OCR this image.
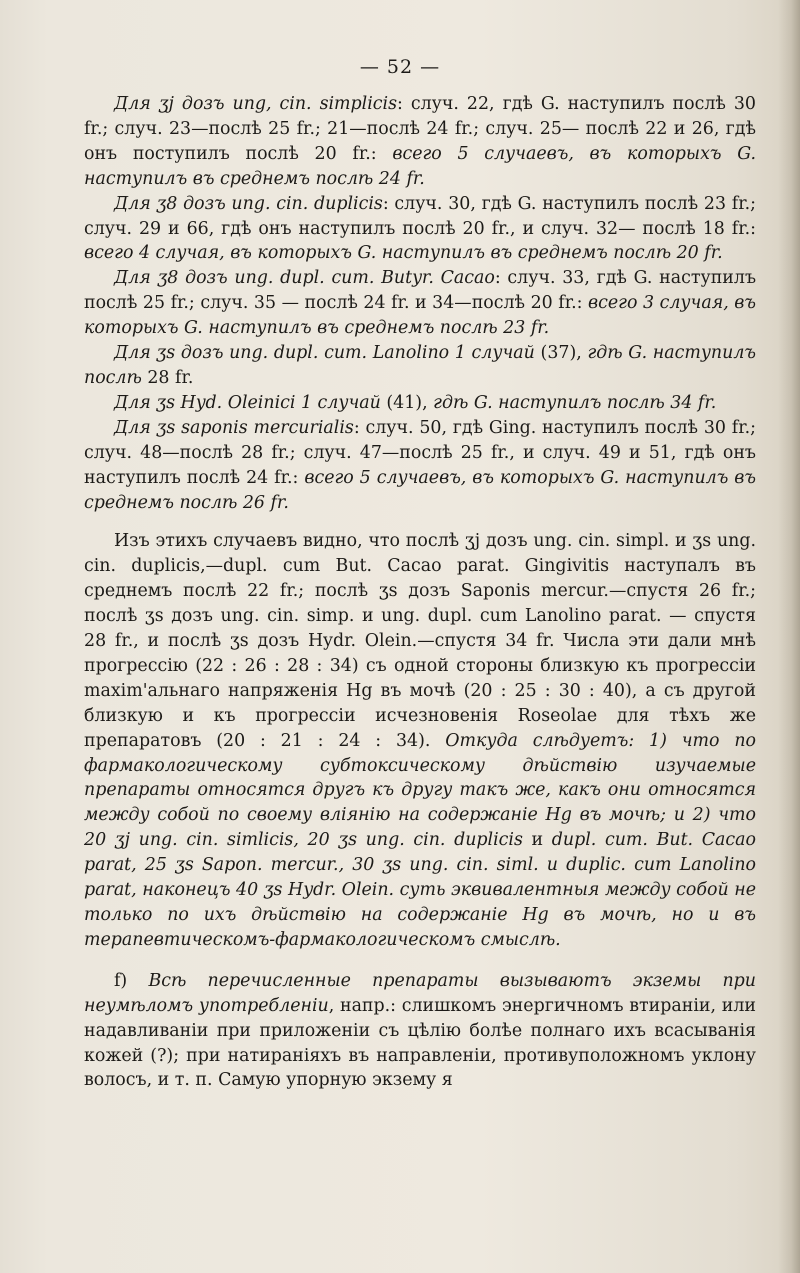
— 52 —

Для ʒj дозъ ung, cin. simplicis: случ. 22, гдѣ G. наступилъ послѣ 30 fr.; случ. 23—послѣ 25 fr.; 21—послѣ 24 fr.; случ. 25— послѣ 22 и 26, гдѣ онъ поступилъ послѣ 20 fr.: всего 5 случаевъ, въ которыхъ G. наступилъ въ среднемъ послѣ 24 fr.

Для ʒ8 дозъ ung. cin. duplicis: случ. 30, гдѣ G. наступилъ послѣ 23 fr.; случ. 29 и 66, гдѣ онъ наступилъ послѣ 20 fr., и случ. 32— послѣ 18 fr.: всего 4 случая, въ которыхъ G. наступилъ въ среднемъ послѣ 20 fr.

Для ʒ8 дозъ ung. dupl. cum. Butyr. Cacao: случ. 33, гдѣ G. наступилъ послѣ 25 fr.; случ. 35 — послѣ 24 fr. и 34—послѣ 20 fr.: всего 3 случая, въ которыхъ G. наступилъ въ среднемъ послѣ 23 fr.

Для ʒs дозъ ung. dupl. cum. Lanolino 1 случай (37), гдѣ G. наступилъ послѣ 28 fr.

Для ʒs Hyd. Oleinici 1 случай (41), гдѣ G. наступилъ послѣ 34 fr.

Для ʒs saponis mercurialis: случ. 50, гдѣ Ging. наступилъ послѣ 30 fr.; случ. 48—послѣ 28 fr.; случ. 47—послѣ 25 fr., и случ. 49 и 51, гдѣ онъ наступилъ послѣ 24 fr.: всего 5 случаевъ, въ которыхъ G. наступилъ въ среднемъ послѣ 26 fr.

Изъ этихъ случаевъ видно, что послѣ ʒj дозъ ung. cin. simpl. и ʒs ung. cin. duplicis,—dupl. cum But. Cacao parat. Gingivitis наступалъ въ среднемъ послѣ 22 fr.; послѣ ʒs дозъ Saponis mercur.—спустя 26 fr.; послѣ ʒs дозъ ung. cin. simp. и ung. dupl. cum Lanolino parat. — спустя 28 fr., и послѣ ʒs дозъ Hydr. Olein.—спустя 34 fr. Числа эти дали мнѣ прогрессію (22 : 26 : 28 : 34) съ одной стороны близкую къ прогрессіи maxim'альнаго напряженія Hg въ мочѣ (20 : 25 : 30 : 40), а съ другой близкую и къ прогрессіи исчезновенія Roseolae для тѣхъ же препаратовъ (20 : 21 : 24 : 34). Откуда слѣдуетъ: 1) что по фармакологическому субтоксическому дѣйствію изучаемые препараты относятся другъ къ другу такъ же, какъ они относятся между собой по своему вліянію на содержаніе Hg въ мочѣ; и 2) что 20 ʒj ung. cin. simlicis, 20 ʒs ung. cin. duplicis и dupl. cum. But. Cacao parat, 25 ʒs Sapon. mercur., 30 ʒs ung. cin. siml. и duplic. cum Lanolino parat, наконецъ 40 ʒs Hydr. Olein. суть эквивалентныя между собой не только по ихъ дѣйствію на содержаніе Hg въ мочѣ, но и въ терапевтическомъ-фармакологическомъ смыслѣ.

f) Всѣ перечисленные препараты вызываютъ экземы при неумѣломъ употребленіи, напр.: слишкомъ энергичномъ втираніи, или надавливаніи при приложеніи съ цѣлію болѣе полнаго ихъ всасыванія кожей (?); при натираніяхъ въ направленіи, противуположномъ уклону волосъ, и т. п. Самую упорную экзему я
